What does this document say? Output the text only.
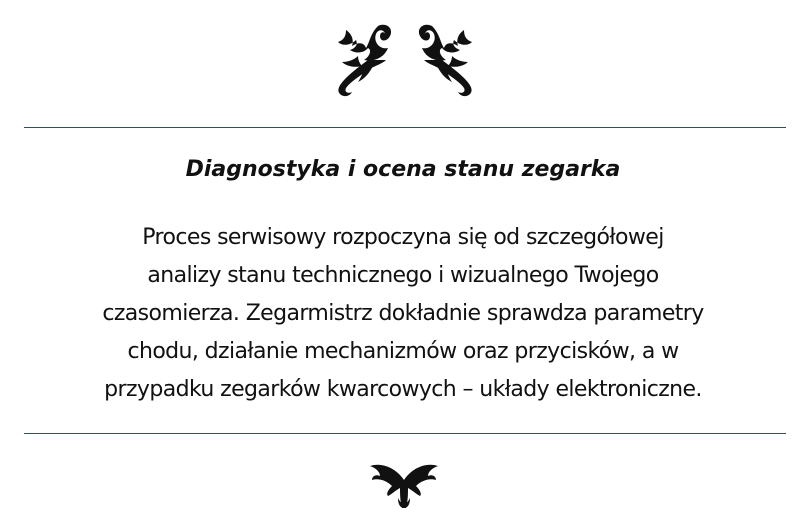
Diagnostyka i ocena stanu zegarka
Proces serwisowy rozpoczyna się od szczegółowej
analizy stanu technicznego i wizualnego Twojego
czasomierza. Zegarmistrz dokładnie sprawdza parametry
chodu, działanie mechanizmów oraz przycisków, a w
przypadku zegarków kwarcowych – układy elektroniczne.
